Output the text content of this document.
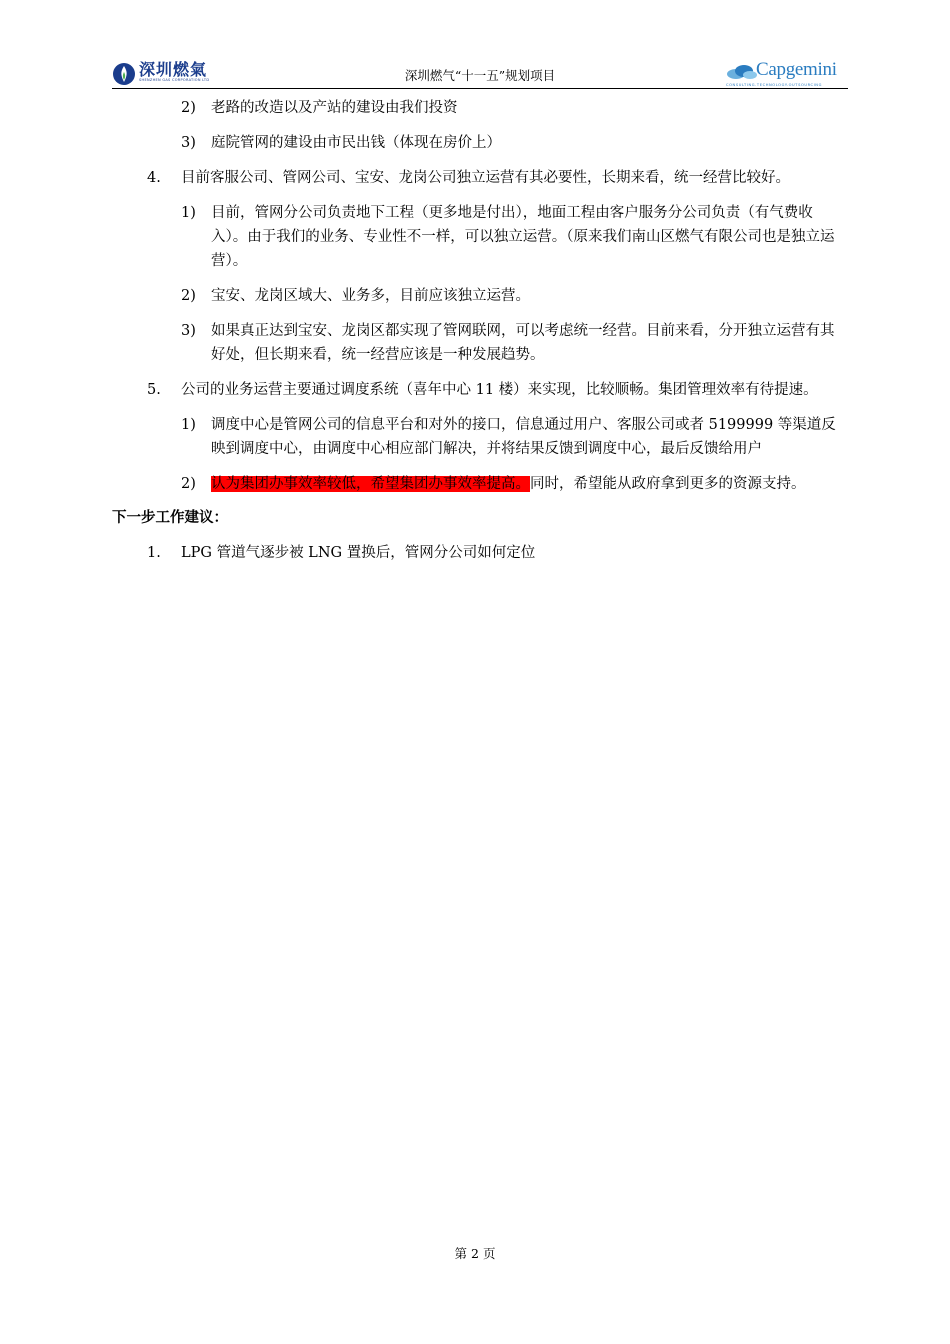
深圳燃氣
SHENZHEN GAS CORPORATION LTD	深圳燃气“十一五”规划项目	Capgemini
CONSULTING.TECHNOLOGY.OUTSOURCING
2) 老路的改造以及产站的建设由我们投资
3) 庭院管网的建设由市民出钱（体现在房价上）
4. 目前客服公司、管网公司、宝安、龙岗公司独立运营有其必要性，长期来看，统一经营比较好。
1) 目前，管网分公司负责地下工程（更多地是付出），地面工程由客户服务分公司负责（有气费收入）。由于我们的业务、专业性不一样，可以独立运营。（原来我们南山区燃气有限公司也是独立运营）。
2) 宝安、龙岗区域大、业务多，目前应该独立运营。
3) 如果真正达到宝安、龙岗区都实现了管网联网，可以考虑统一经营。目前来看，分开独立运营有其好处，但长期来看，统一经营应该是一种发展趋势。
5. 公司的业务运营主要通过调度系统（喜年中心 11 楼）来实现，比较顺畅。集团管理效率有待提速。
1) 调度中心是管网公司的信息平台和对外的接口，信息通过用户、客服公司或者 5199999 等渠道反映到调度中心，由调度中心相应部门解决，并将结果反馈到调度中心，最后反馈给用户
2) 认为集团办事效率较低，希望集团办事效率提高。同时，希望能从政府拿到更多的资源支持。
下一步工作建议：
1. LPG 管道气逐步被 LNG 置换后，管网分公司如何定位
第 2 页
